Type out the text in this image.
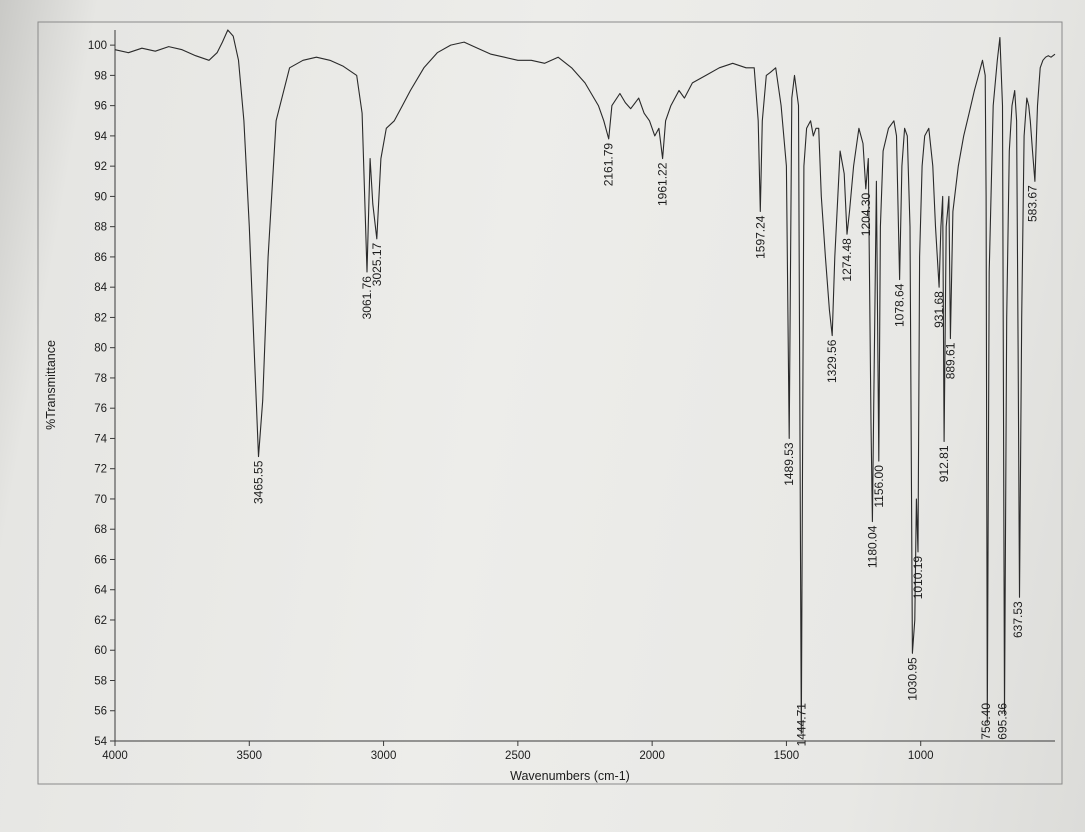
54
56
58
60
62
64
66
68
70
72
74
76
78
80
82
84
86
88
90
92
94
96
98
100
4000	3500	3000	2500	2000	1500	1000
3465.55
3061.76
3025.17
2161.79	1961.22
1597.24
1489.53
1444.71
1329.56
1274.48
1204.30
1180.04
1156.00
1078.64
1030.95
1010.19
931.68
912.81
889.61
756.40 695.36
637.53
583.67
Wavenumbers (cm-1)
%Transmittance
